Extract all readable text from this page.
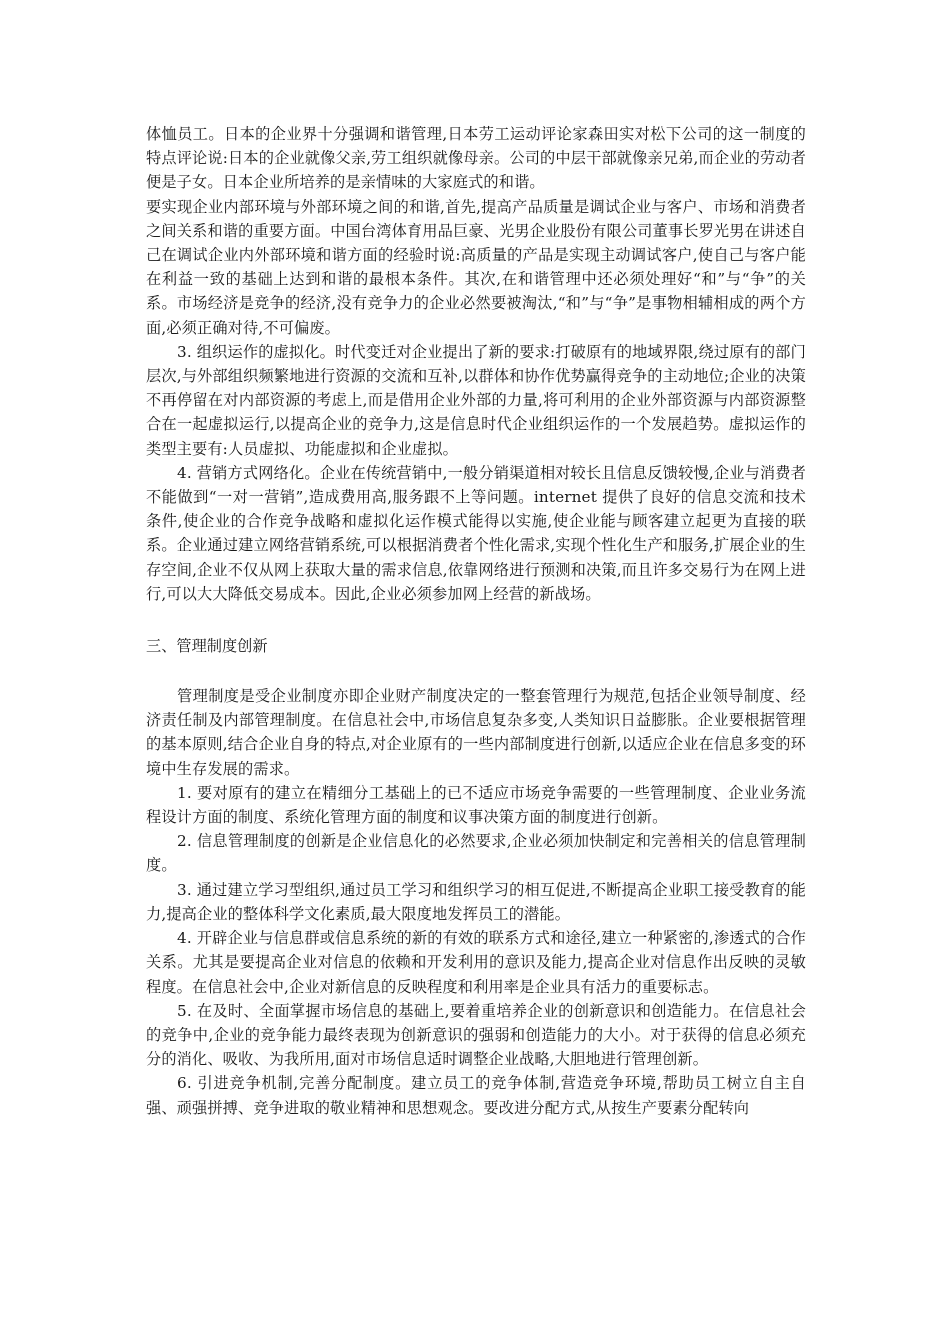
体恤员工。日本的企业界十分强调和谐管理,日本劳工运动评论家森田实对松下公司的这一制度的特点评论说:日本的企业就像父亲,劳工组织就像母亲。公司的中层干部就像亲兄弟,而企业的劳动者便是子女。日本企业所培养的是亲情味的大家庭式的和谐。

要实现企业内部环境与外部环境之间的和谐,首先,提高产品质量是调试企业与客户、市场和消费者之间关系和谐的重要方面。中国台湾体育用品巨豪、光男企业股份有限公司董事长罗光男在讲述自己在调试企业内外部环境和谐方面的经验时说:高质量的产品是实现主动调试客户,使自己与客户能在利益一致的基础上达到和谐的最根本条件。其次,在和谐管理中还必须处理好“和”与“争”的关系。市场经济是竞争的经济,没有竞争力的企业必然要被淘汰,“和”与“争”是事物相辅相成的两个方面,必须正确对待,不可偏废。

3. 组织运作的虚拟化。时代变迁对企业提出了新的要求:打破原有的地域界限,绕过原有的部门层次,与外部组织频繁地进行资源的交流和互补,以群体和协作优势赢得竞争的主动地位;企业的决策不再停留在对内部资源的考虑上,而是借用企业外部的力量,将可利用的企业外部资源与内部资源整合在一起虚拟运行,以提高企业的竞争力,这是信息时代企业组织运作的一个发展趋势。虚拟运作的类型主要有:人员虚拟、功能虚拟和企业虚拟。

4. 营销方式网络化。企业在传统营销中,一般分销渠道相对较长且信息反馈较慢,企业与消费者不能做到“一对一营销”,造成费用高,服务跟不上等问题。internet 提供了良好的信息交流和技术条件,使企业的合作竞争战略和虚拟化运作模式能得以实施,使企业能与顾客建立起更为直接的联系。企业通过建立网络营销系统,可以根据消费者个性化需求,实现个性化生产和服务,扩展企业的生存空间,企业不仅从网上获取大量的需求信息,依靠网络进行预测和决策,而且许多交易行为在网上进行,可以大大降低交易成本。因此,企业必须参加网上经营的新战场。

三、管理制度创新

管理制度是受企业制度亦即企业财产制度决定的一整套管理行为规范,包括企业领导制度、经济责任制及内部管理制度。在信息社会中,市场信息复杂多变,人类知识日益膨胀。企业要根据管理的基本原则,结合企业自身的特点,对企业原有的一些内部制度进行创新,以适应企业在信息多变的环境中生存发展的需求。

1. 要对原有的建立在精细分工基础上的已不适应市场竞争需要的一些管理制度、企业业务流程设计方面的制度、系统化管理方面的制度和议事决策方面的制度进行创新。

2. 信息管理制度的创新是企业信息化的必然要求,企业必须加快制定和完善相关的信息管理制度。

3. 通过建立学习型组织,通过员工学习和组织学习的相互促进,不断提高企业职工接受教育的能力,提高企业的整体科学文化素质,最大限度地发挥员工的潜能。

4. 开辟企业与信息群或信息系统的新的有效的联系方式和途径,建立一种紧密的,渗透式的合作关系。尤其是要提高企业对信息的依赖和开发利用的意识及能力,提高企业对信息作出反映的灵敏程度。在信息社会中,企业对新信息的反映程度和利用率是企业具有活力的重要标志。

5. 在及时、全面掌握市场信息的基础上,要着重培养企业的创新意识和创造能力。在信息社会的竞争中,企业的竞争能力最终表现为创新意识的强弱和创造能力的大小。对于获得的信息必须充分的消化、吸收、为我所用,面对市场信息适时调整企业战略,大胆地进行管理创新。

6. 引进竞争机制,完善分配制度。建立员工的竞争体制,营造竞争环境,帮助员工树立自主自强、顽强拼搏、竞争进取的敬业精神和思想观念。要改进分配方式,从按生产要素分配转向
